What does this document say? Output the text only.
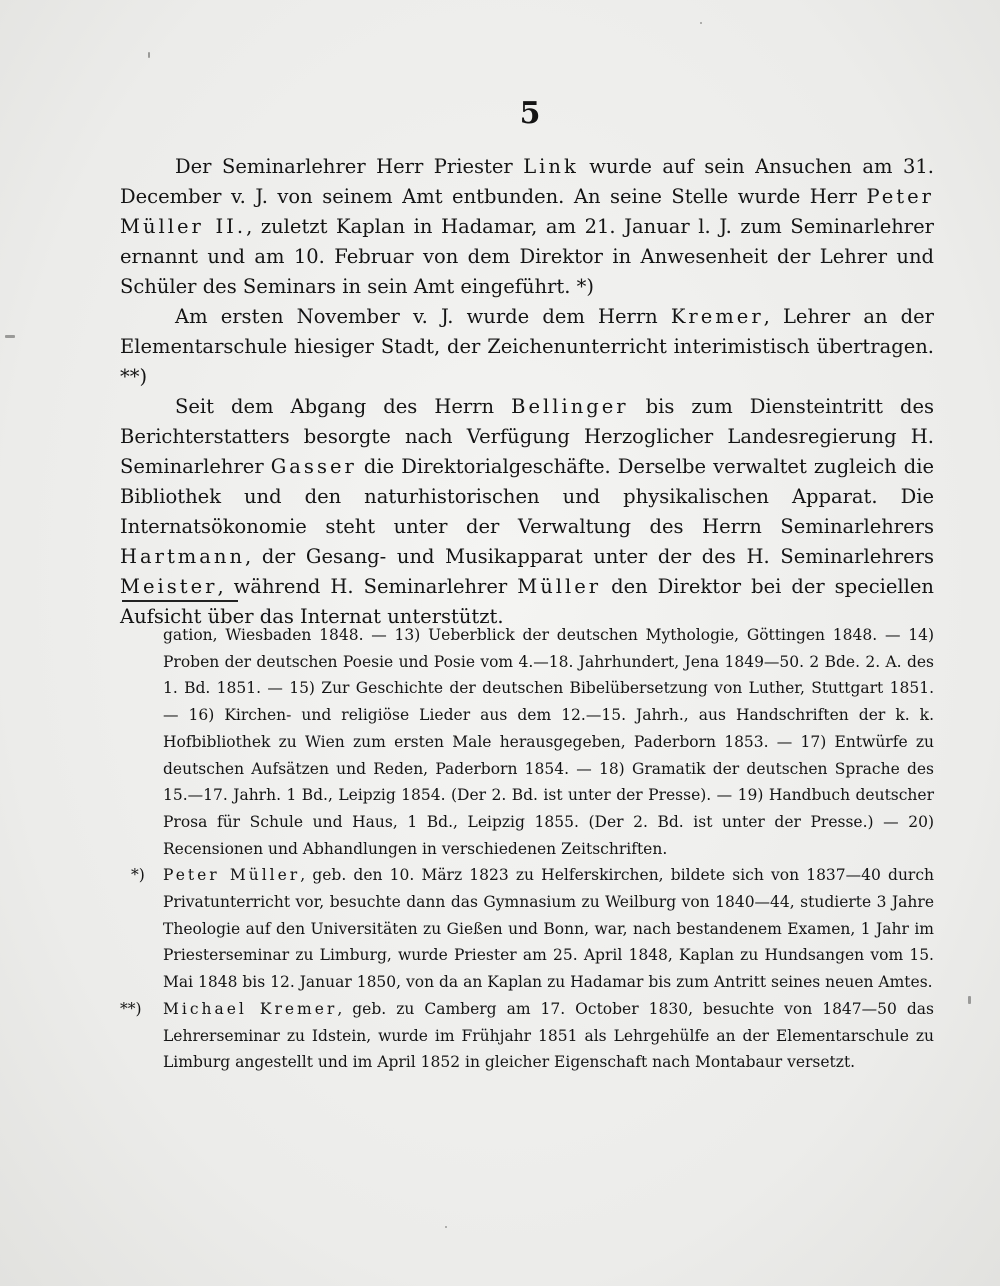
5

Der Seminarlehrer Herr Priester Link wurde auf sein Ansuchen am 31. December v. J. von seinem Amt entbunden. An seine Stelle wurde Herr Peter Müller II., zuletzt Kaplan in Hadamar, am 21. Januar l. J. zum Seminarlehrer ernannt und am 10. Februar von dem Direktor in Anwesenheit der Lehrer und Schüler des Seminars in sein Amt eingeführt. *)

Am ersten November v. J. wurde dem Herrn Kremer, Lehrer an der Elementarschule hiesiger Stadt, der Zeichenunterricht interimistisch übertragen. **)

Seit dem Abgang des Herrn Bellinger bis zum Diensteintritt des Berichterstatters besorgte nach Verfügung Herzoglicher Landesregierung H. Seminarlehrer Gasser die Direktorialgeschäfte. Derselbe verwaltet zugleich die Bibliothek und den naturhistorischen und physikalischen Apparat. Die Internatsökonomie steht unter der Verwaltung des Herrn Seminarlehrers Hartmann, der Gesang- und Musikapparat unter der des H. Seminarlehrers Meister, während H. Seminarlehrer Müller den Direktor bei der speciellen Aufsicht über das Internat unterstützt.

gation, Wiesbaden 1848. — 13) Ueberblick der deutschen Mythologie, Göttingen 1848. — 14) Proben der deutschen Poesie und Posie vom 4.—18. Jahrhundert, Jena 1849—50. 2 Bde. 2. A. des 1. Bd. 1851. — 15) Zur Geschichte der deutschen Bibelübersetzung von Luther, Stuttgart 1851. — 16) Kirchen- und religiöse Lieder aus dem 12.—15. Jahrh., aus Handschriften der k. k. Hofbibliothek zu Wien zum ersten Male herausgegeben, Paderborn 1853. — 17) Entwürfe zu deutschen Aufsätzen und Reden, Paderborn 1854. — 18) Gramatik der deutschen Sprache des 15.—17. Jahrh. 1 Bd., Leipzig 1854. (Der 2. Bd. ist unter der Presse). — 19) Handbuch deutscher Prosa für Schule und Haus, 1 Bd., Leipzig 1855. (Der 2. Bd. ist unter der Presse.) — 20) Recensionen und Abhandlungen in verschiedenen Zeitschriften.

*)	Peter Müller, geb. den 10. März 1823 zu Helferskirchen, bildete sich von 1837—40 durch Privatunterricht vor, besuchte dann das Gymnasium zu Weilburg von 1840—44, studierte 3 Jahre Theologie auf den Universitäten zu Gießen und Bonn, war, nach bestandenem Examen, 1 Jahr im Priesterseminar zu Limburg, wurde Priester am 25. April 1848, Kaplan zu Hundsangen vom 15. Mai 1848 bis 12. Januar 1850, von da an Kaplan zu Hadamar bis zum Antritt seines neuen Amtes.

**)	Michael Kremer, geb. zu Camberg am 17. October 1830, besuchte von 1847—50 das Lehrerseminar zu Idstein, wurde im Frühjahr 1851 als Lehrgehülfe an der Elementarschule zu Limburg angestellt und im April 1852 in gleicher Eigenschaft nach Montabaur versetzt.
